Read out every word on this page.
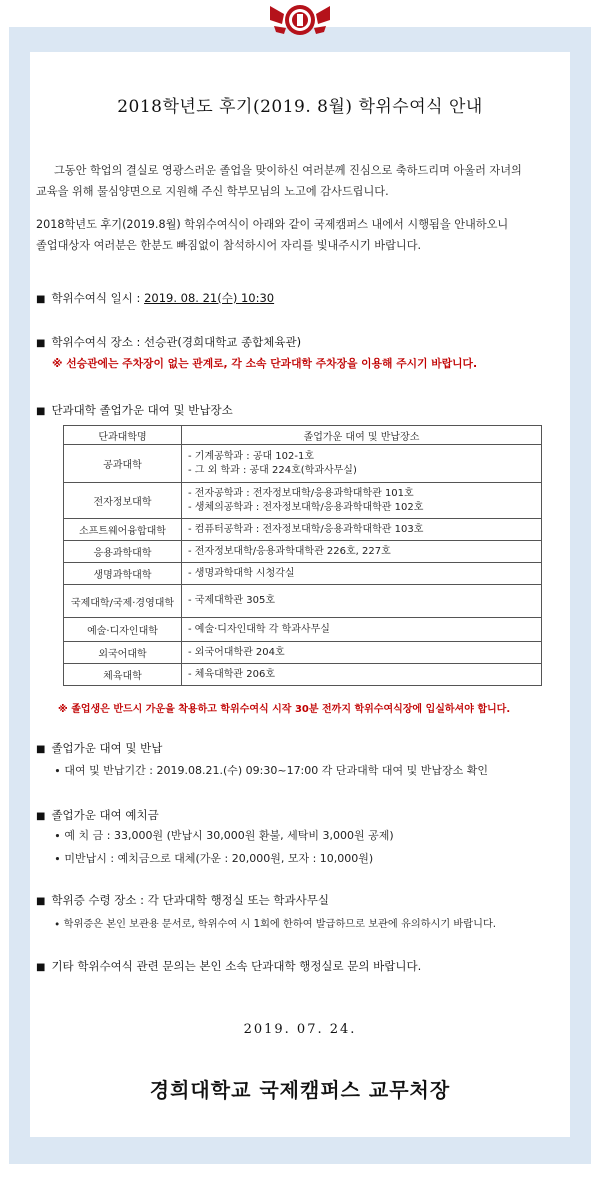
2018학년도 후기(2019. 8월) 학위수여식 안내
그동안 학업의 결실로 영광스러운 졸업을 맞이하신 여러분께 진심으로 축하드리며 아울러 자녀의 교육을 위해 물심양면으로 지원해 주신 학부모님의 노고에 감사드립니다.
2018학년도 후기(2019.8월) 학위수여식이 아래와 같이 국제캠퍼스 내에서 시행됨을 안내하오니 졸업대상자 여러분은 한분도 빠짐없이 참석하시어 자리를 빛내주시기 바랍니다.
■ 학위수여식 일시 : 2019. 08. 21(수) 10:30
■ 학위수여식 장소 : 선승관(경희대학교 종합체육관)
※ 선승관에는 주차장이 없는 관계로, 각 소속 단과대학 주차장을 이용해 주시기 바랍니다.
■ 단과대학 졸업가운 대여 및 반납장소
단과대학명	졸업가운 대여 및 반납장소
공과대학	- 기계공학과 : 공대 102-1호
- 그 외 학과 : 공대 224호(학과사무실)

전자정보대학	- 전자공학과 : 전자정보대학/응용과학대학관 101호
- 생체의공학과 : 전자정보대학/응용과학대학관 102호

소프트웨어융합대학	- 컴퓨터공학과 : 전자정보대학/응용과학대학관 103호
응용과학대학	- 전자정보대학/응용과학대학관 226호, 227호
생명과학대학	- 생명과학대학 시청각실
국제대학/국제·경영대학	- 국제대학관 305호
예술·디자인대학	- 예술·디자인대학 각 학과사무실
외국어대학	- 외국어대학관 204호
체육대학	- 체육대학관 206호
※ 졸업생은 반드시 가운을 착용하고 학위수여식 시작 30분 전까지 학위수여식장에 입실하셔야 합니다.
■ 졸업가운 대여 및 반납
∙ 대여 및 반납기간 : 2019.08.21.(수) 09:30~17:00 각 단과대학 대여 및 반납장소 확인
■ 졸업가운 대여 예치금
∙ 예 치 금 : 33,000원 (반납시 30,000원 환불, 세탁비 3,000원 공제)
∙ 미반납시 : 예치금으로 대체(가운 : 20,000원, 모자 : 10,000원)
■ 학위증 수령 장소 : 각 단과대학 행정실 또는 학과사무실
∙ 학위증은 본인 보관용 문서로, 학위수여 시 1회에 한하여 발급하므로 보관에 유의하시기 바랍니다.
■ 기타 학위수여식 관련 문의는 본인 소속 단과대학 행정실로 문의 바랍니다.
2019. 07. 24.
경희대학교 국제캠퍼스 교무처장
